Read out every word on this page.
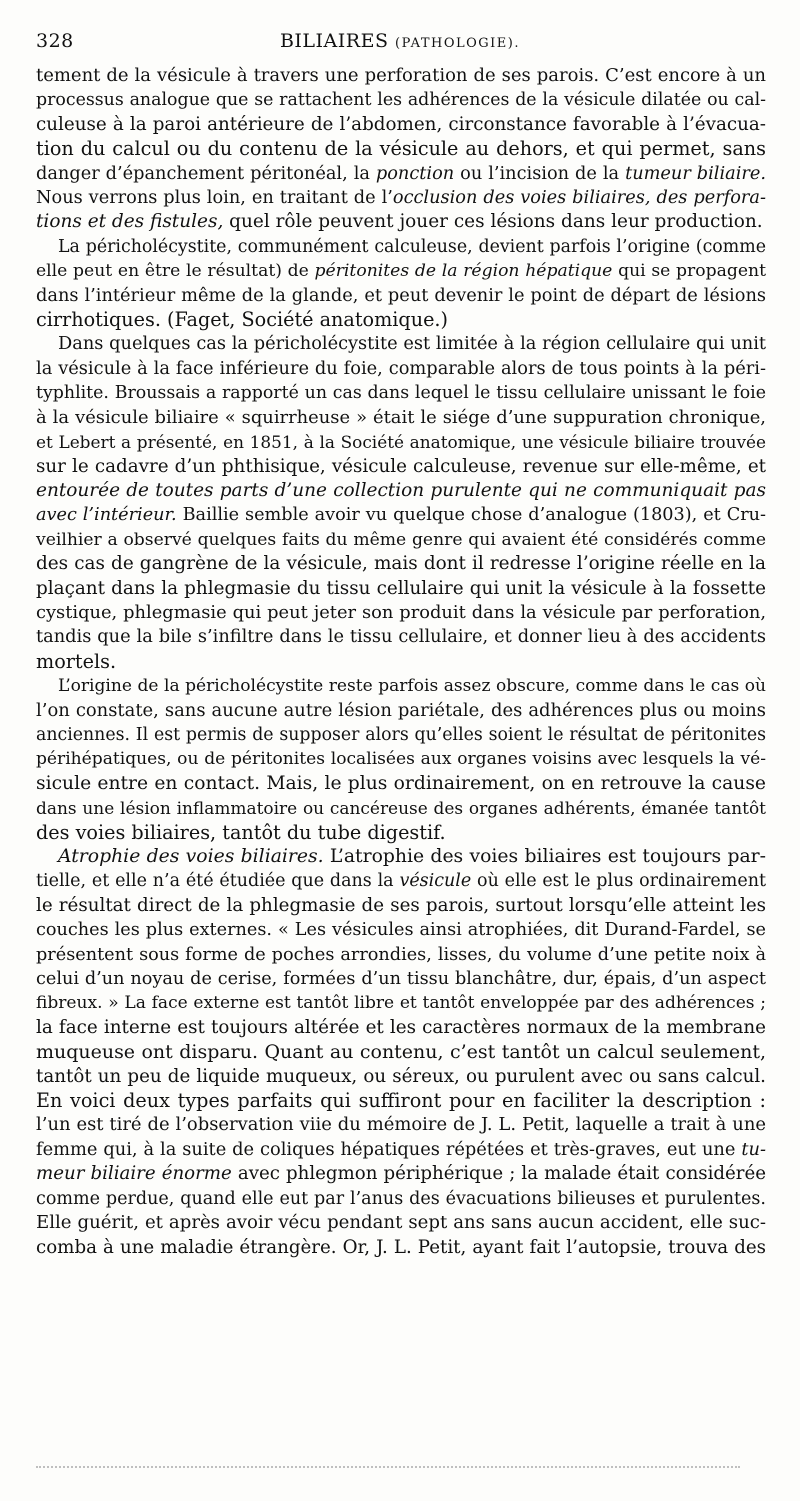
328	BILIAIRES (PATHOLOGIE).
tement de la vésicule à travers une perforation de ses parois. C’est encore à un
processus analogue que se rattachent les adhérences de la vésicule dilatée ou cal-
culeuse à la paroi antérieure de l’abdomen, circonstance favorable à l’évacua-
tion du calcul ou du contenu de la vésicule au dehors, et qui permet, sans
danger d’épanchement péritonéal, la ponction ou l’incision de la tumeur biliaire.
Nous verrons plus loin, en traitant de l’occlusion des voies biliaires, des perfora-
tions et des fistules, quel rôle peuvent jouer ces lésions dans leur production.
La péricholécystite, communément calculeuse, devient parfois l’origine (comme
elle peut en être le résultat) de péritonites de la région hépatique qui se propagent
dans l’intérieur même de la glande, et peut devenir le point de départ de lésions
cirrhotiques. (Faget, Société anatomique.)
Dans quelques cas la péricholécystite est limitée à la région cellulaire qui unit
la vésicule à la face inférieure du foie, comparable alors de tous points à la péri-
typhlite. Broussais a rapporté un cas dans lequel le tissu cellulaire unissant le foie
à la vésicule biliaire « squirrheuse » était le siége d’une suppuration chronique,
et Lebert a présenté, en 1851, à la Société anatomique, une vésicule biliaire trouvée
sur le cadavre d’un phthisique, vésicule calculeuse, revenue sur elle-même, et
entourée de toutes parts d’une collection purulente qui ne communiquait pas
avec l’intérieur. Baillie semble avoir vu quelque chose d’analogue (1803), et Cru-
veilhier a observé quelques faits du même genre qui avaient été considérés comme
des cas de gangrène de la vésicule, mais dont il redresse l’origine réelle en la
plaçant dans la phlegmasie du tissu cellulaire qui unit la vésicule à la fossette
cystique, phlegmasie qui peut jeter son produit dans la vésicule par perforation,
tandis que la bile s’infiltre dans le tissu cellulaire, et donner lieu à des accidents
mortels.
L’origine de la péricholécystite reste parfois assez obscure, comme dans le cas où
l’on constate, sans aucune autre lésion pariétale, des adhérences plus ou moins
anciennes. Il est permis de supposer alors qu’elles soient le résultat de péritonites
périhépatiques, ou de péritonites localisées aux organes voisins avec lesquels la vé-
sicule entre en contact. Mais, le plus ordinairement, on en retrouve la cause
dans une lésion inflammatoire ou cancéreuse des organes adhérents, émanée tantôt
des voies biliaires, tantôt du tube digestif.
Atrophie des voies biliaires. L’atrophie des voies biliaires est toujours par-
tielle, et elle n’a été étudiée que dans la vésicule où elle est le plus ordinairement
le résultat direct de la phlegmasie de ses parois, surtout lorsqu’elle atteint les
couches les plus externes. « Les vésicules ainsi atrophiées, dit Durand-Fardel, se
présentent sous forme de poches arrondies, lisses, du volume d’une petite noix à
celui d’un noyau de cerise, formées d’un tissu blanchâtre, dur, épais, d’un aspect
fibreux. » La face externe est tantôt libre et tantôt enveloppée par des adhérences ;
la face interne est toujours altérée et les caractères normaux de la membrane
muqueuse ont disparu. Quant au contenu, c’est tantôt un calcul seulement,
tantôt un peu de liquide muqueux, ou séreux, ou purulent avec ou sans calcul.
En voici deux types parfaits qui suffiront pour en faciliter la description :
l’un est tiré de l’observation viie du mémoire de J. L. Petit, laquelle a trait à une
femme qui, à la suite de coliques hépatiques répétées et très-graves, eut une tu-
meur biliaire énorme avec phlegmon périphérique ; la malade était considérée
comme perdue, quand elle eut par l’anus des évacuations bilieuses et purulentes.
Elle guérit, et après avoir vécu pendant sept ans sans aucun accident, elle suc-
comba à une maladie étrangère. Or, J. L. Petit, ayant fait l’autopsie, trouva des
